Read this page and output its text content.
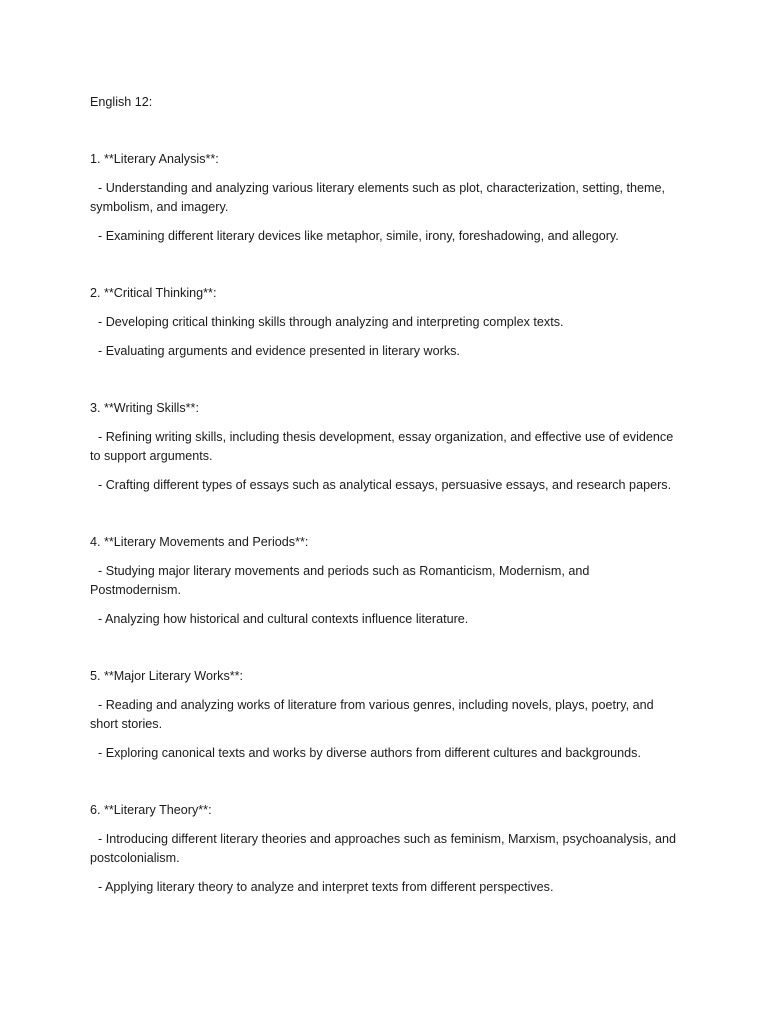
English 12:

1. **Literary Analysis**:

- Understanding and analyzing various literary elements such as plot, characterization, setting, theme, symbolism, and imagery.

- Examining different literary devices like metaphor, simile, irony, foreshadowing, and allegory.

2. **Critical Thinking**:

- Developing critical thinking skills through analyzing and interpreting complex texts.

- Evaluating arguments and evidence presented in literary works.

3. **Writing Skills**:

- Refining writing skills, including thesis development, essay organization, and effective use of evidence to support arguments.

- Crafting different types of essays such as analytical essays, persuasive essays, and research papers.

4. **Literary Movements and Periods**:

- Studying major literary movements and periods such as Romanticism, Modernism, and Postmodernism.

- Analyzing how historical and cultural contexts influence literature.

5. **Major Literary Works**:

- Reading and analyzing works of literature from various genres, including novels, plays, poetry, and short stories.

- Exploring canonical texts and works by diverse authors from different cultures and backgrounds.

6. **Literary Theory**:

- Introducing different literary theories and approaches such as feminism, Marxism, psychoanalysis, and postcolonialism.

- Applying literary theory to analyze and interpret texts from different perspectives.
